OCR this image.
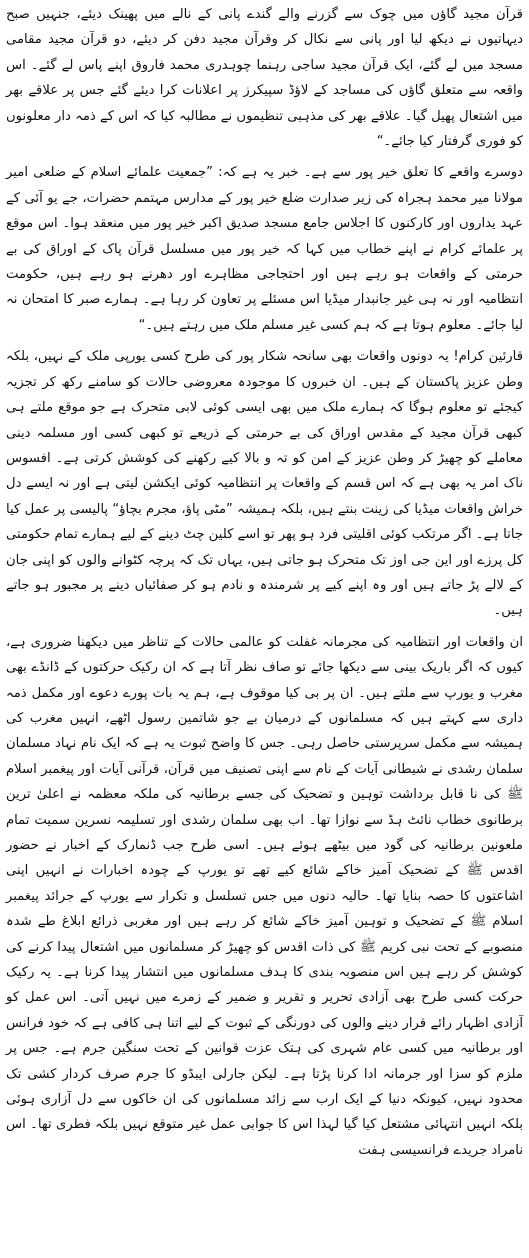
قرآن مجید گاؤں میں چوک سے گزرنے والے گندے پانی کے نالے میں پھینک دیئے، جنہیں صبح دیہاتیوں نے دیکھ لیا اور پانی سے نکال کر وقرآن مجید دفن کر دیئے، دو قرآن مجید مقامی مسجد میں لے گئے، ایک قرآن مجید ساجی رہنما چوہدری محمد فاروق اپنے پاس لے گئے۔ اس واقعہ سے متعلق گاؤں کی مساجد کے لاؤڈ سپیکرز پر اعلانات کرا دیئے گئے جس پر علاقے بھر میں اشتعال پھیل گیا۔ علاقے بھر کی مذہبی تنظیموں نے مطالبہ کیا کہ اس کے ذمہ دار معلونوں کو فوری گرفتار کیا جائے۔“

دوسرے واقعے کا تعلق خیر پور سے ہے۔ خبر یہ ہے کہ: ”جمعیت علمائے اسلام کے ضلعی امیر مولانا میر محمد ہجراہ کی زیر صدارت ضلع خیر پور کے مدارس مہتمم حضرات، جے یو آئی کے عہد یداروں اور کارکنوں کا اجلاس جامع مسجد صدیق اکبر خیر پور میں منعقد ہوا۔ اس موقع پر علمائے کرام نے اپنے خطاب میں کہا کہ خیر پور میں مسلسل قرآن پاک کے اوراق کی بے حرمتی کے واقعات ہو رہے ہیں اور احتجاجی مظاہرے اور دھرنے ہو رہے ہیں، حکومت انتظامیہ اور نہ ہی غیر جانبدار میڈیا اس مسئلے پر تعاون کر رہا ہے۔ ہمارے صبر کا امتحان نہ لیا جائے۔ معلوم ہوتا ہے کہ ہم کسی غیر مسلم ملک میں رہتے ہیں۔“

قارئین کرام! یہ دونوں واقعات بھی سانحہ شکار پور کی طرح کسی یورپی ملک کے نہیں، بلکہ وطن عزیز پاکستان کے ہیں۔ ان خبروں کا موجودہ معروضی حالات کو سامنے رکھ کر تجزیہ کیجئے تو معلوم ہوگا کہ ہمارے ملک میں بھی ایسی کوئی لابی متحرک ہے جو موقع ملتے ہی کبھی قرآن مجید کے مقدس اوراق کی بے حرمتی کے ذریعے تو کبھی کسی اور مسلمہ دینی معاملے کو چھیڑ کر وطن عزیز کے امن کو تہ و بالا کیے رکھنے کی کوشش کرتی ہے۔ افسوس ناک امر یہ بھی ہے کہ اس قسم کے واقعات پر انتظامیہ کوئی ایکشن لیتی ہے اور نہ ایسے دل خراش واقعات میڈیا کی زینت بنتے ہیں، بلکہ ہمیشہ ”مٹی پاؤ، مجرم بچاؤ“ پالیسی پر عمل کیا جاتا ہے۔ اگر مرتکب کوئی اقلیتی فرد ہو پھر تو اسے کلین چٹ دینے کے لیے ہمارے تمام حکومتی کل پرزے اور این جی اوز تک متحرک ہو جاتی ہیں، یہاں تک کہ پرچہ کٹوانے والوں کو اپنی جان کے لالے پڑ جاتے ہیں اور وہ اپنے کیے پر شرمندہ و نادم ہو کر صفائیاں دینے پر مجبور ہو جاتے ہیں۔

ان واقعات اور انتظامیہ کی مجرمانہ غفلت کو عالمی حالات کے تناظر میں دیکھنا ضروری ہے، کیوں کہ اگر باریک بینی سے دیکھا جائے تو صاف نظر آتا ہے کہ ان رکیک حرکتوں کے ڈانڈے بھی مغرب و یورپ سے ملتے ہیں۔ ان پر بی کیا موقوف ہے، ہم یہ بات پورے دعوے اور مکمل ذمہ داری سے کہتے ہیں کہ مسلمانوں کے درمیان بے جو شاتمین رسول اٹھے، انہیں مغرب کی ہمیشہ سے مکمل سرپرستی حاصل رہی۔ جس کا واضح ثبوت یہ ہے کہ ایک نام نہاد مسلمان سلمان رشدی نے شیطانی آیات کے نام سے اپنی تصنیف میں قرآن، قرآنی آیات اور پیغمبر اسلام ﷺ کی نا قابل برداشت توہین و تضحیک کی جسے برطانیہ کی ملکہ معظمہ نے اعلیٰ ترین برطانوی خطاب نائٹ ہڈ سے نوازا تھا۔ اب بھی سلمان رشدی اور تسلیمہ نسرین سمیت تمام ملعونین برطانیہ کی گود میں بیٹھے ہوئے ہیں۔ اسی طرح جب ڈنمارک کے اخبار نے حضور اقدس ﷺ کے تضحیک آمیز خاکے شائع کیے تھے تو یورپ کے چودہ اخبارات نے انہیں اپنی اشاعتوں کا حصہ بنایا تھا۔ حالیہ دنوں میں جس تسلسل و تکرار سے یورپ کے جرائد پیغمبر اسلام ﷺ کے تضحیک و توہین آمیز خاکے شائع کر رہے ہیں اور مغربی ذرائع ابلاغ طے شدہ منصوبے کے تحت نبی کریم ﷺ کی ذات اقدس کو چھیڑ کر مسلمانوں میں اشتعال پیدا کرنے کی کوشش کر رہے ہیں اس منصوبہ بندی کا ہدف مسلمانوں میں انتشار پیدا کرنا ہے۔ یہ رکیک حرکت کسی طرح بھی آزادی تحریر و تقریر و ضمیر کے زمرے میں نہیں آتی۔ اس عمل کو آزادی اظہار رائے قرار دینے والوں کی دورنگی کے ثبوت کے لیے اتنا ہی کافی ہے کہ خود فرانس اور برطانیہ میں کسی عام شہری کی ہتک عزت قوانین کے تحت سنگین جرم ہے۔ جس پر ملزم کو سزا اور جرمانہ ادا کرنا پڑتا ہے۔ لیکن جارلی ایبڈو کا جرم صرف کردار کشی تک محدود نہیں، کیونکہ دنیا کے ایک ارب سے زائد مسلمانوں کی ان خاکوں سے دل آزاری ہوئی بلکہ انہیں انتہائی مشتعل کیا گیا لہذا اس کا جوابی عمل غیر متوقع نہیں بلکہ فطری تھا۔ اس نامراد جریدے فرانسیسی ہفت
